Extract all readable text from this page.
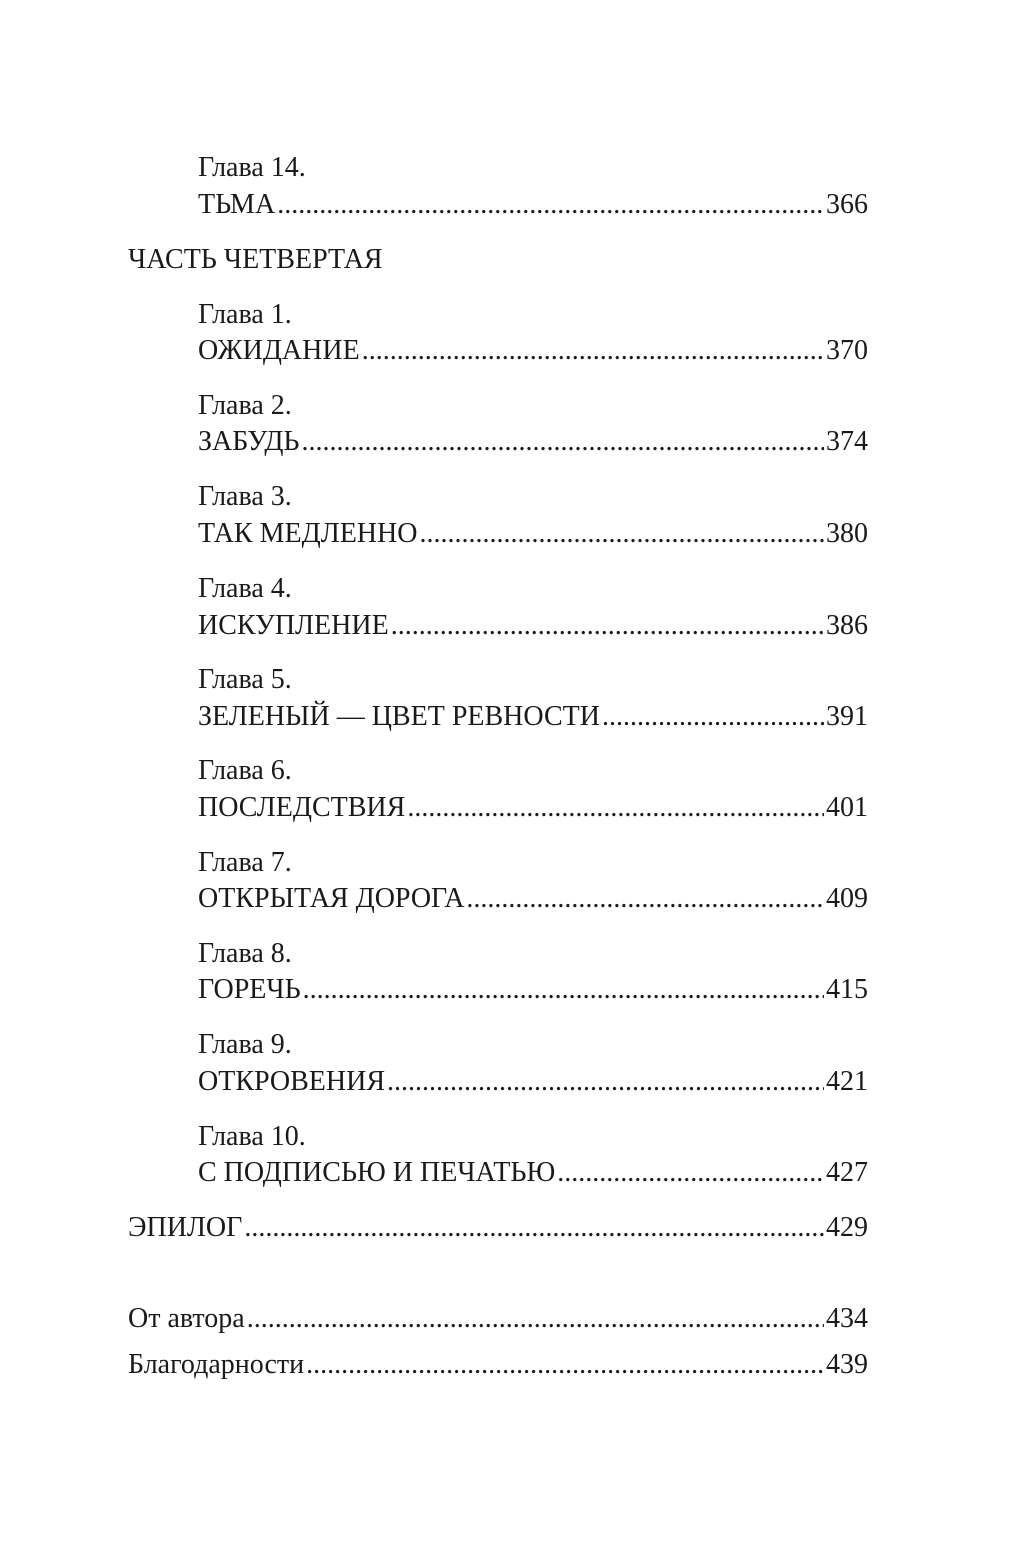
Глава 14.
ТЬМА .....	366
ЧАСТЬ ЧЕТВЕРТАЯ
Глава 1.
ОЖИДАНИЕ .....	370
Глава 2.
ЗАБУДЬ .....	374
Глава 3.
ТАК МЕДЛЕННО .....	380
Глава 4.
ИСКУПЛЕНИЕ .....	386
Глава 5.
ЗЕЛЕНЫЙ — ЦВЕТ РЕВНОСТИ .....	391
Глава 6.
ПОСЛЕДСТВИЯ .....	401
Глава 7.
ОТКРЫТАЯ ДОРОГА .....	409
Глава 8.
ГОРЕЧЬ .....	415
Глава 9.
ОТКРОВЕНИЯ .....	421
Глава 10.
С ПОДПИСЬЮ И ПЕЧАТЬЮ .....	427
ЭПИЛОГ .....	429
От автора .....	434
Благодарности .....	439
